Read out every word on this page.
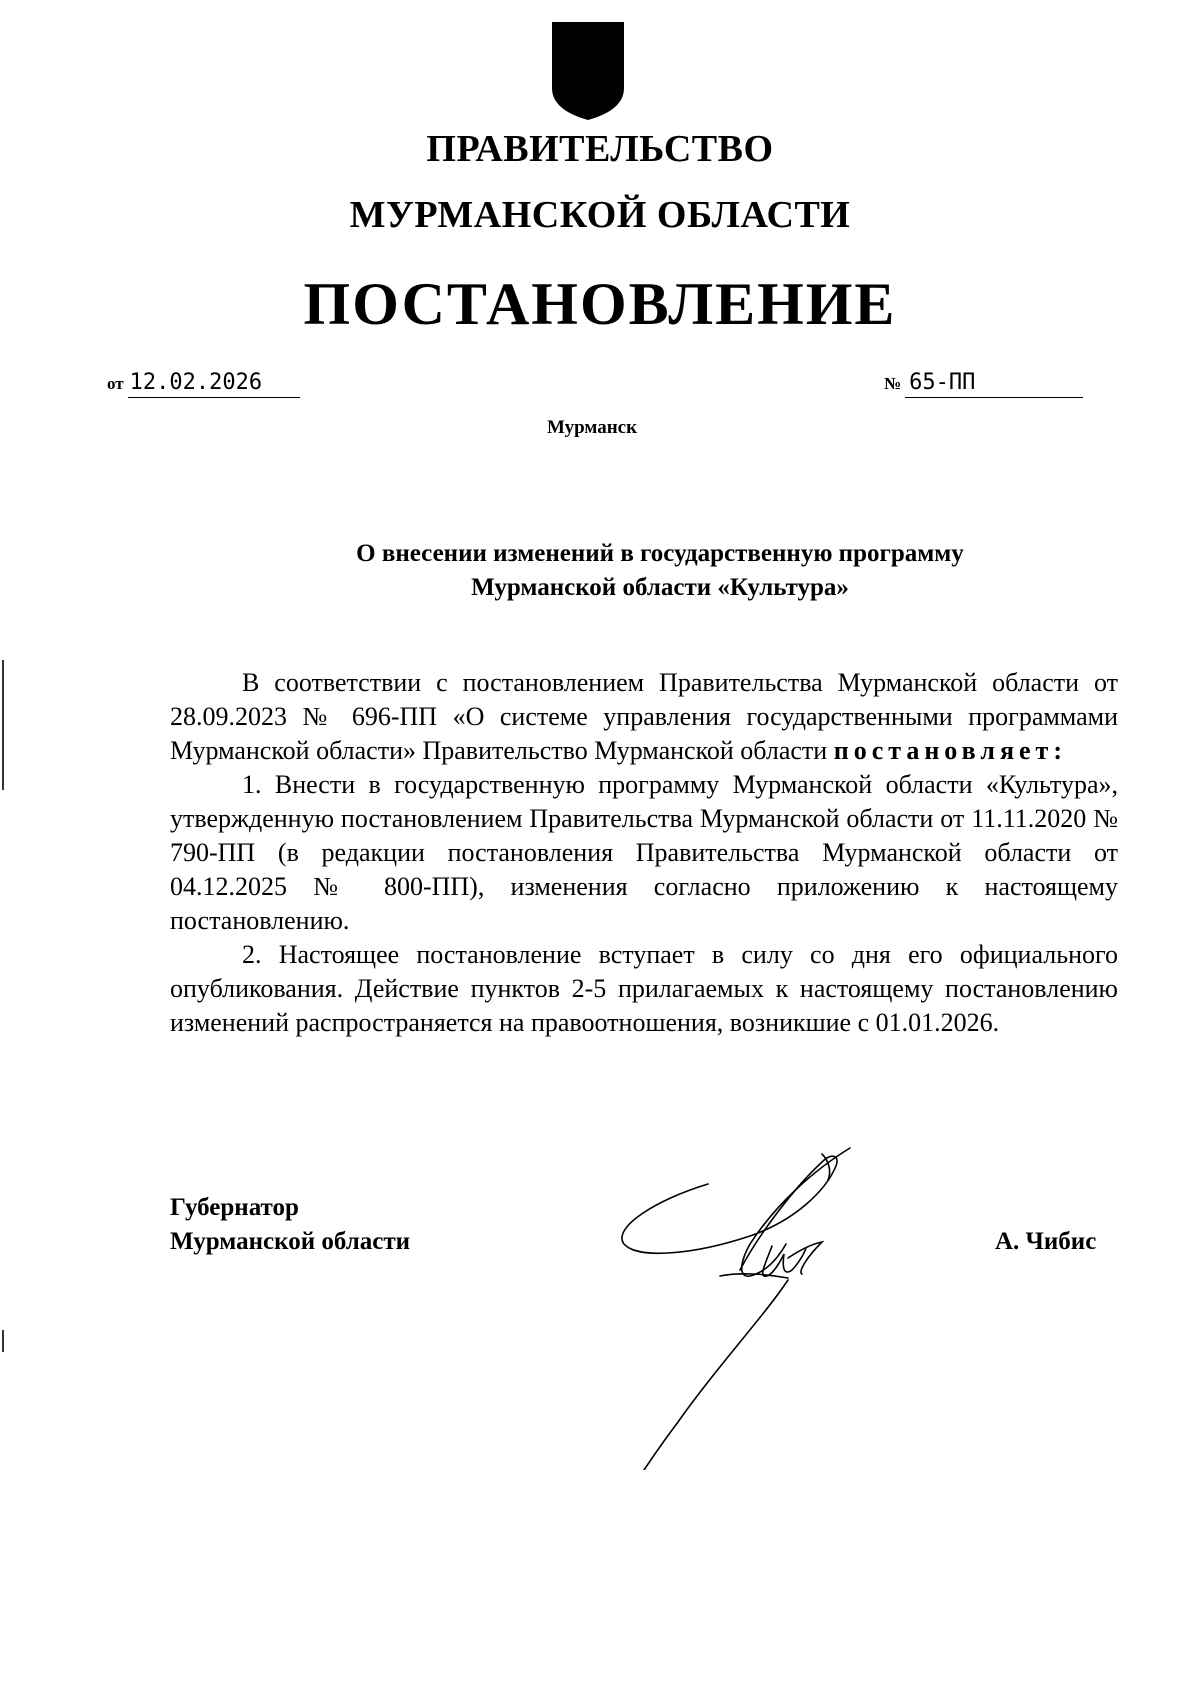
ПРАВИТЕЛЬСТВО
МУРМАНСКОЙ ОБЛАСТИ
ПОСТАНОВЛЕНИЕ
от 12.02.2026	№ 65-ПП
Мурманск
О внесении изменений в государственную программу
Мурманской области «Культура»

В соответствии с постановлением Правительства Мурманской области от 28.09.2023 № 696-ПП «О системе управления государственными программами Мурманской области» Правительство Мурманской области постановляет:

1. Внести в государственную программу Мурманской области «Культура», утвержденную постановлением Правительства Мурманской области от 11.11.2020 № 790-ПП (в редакции постановления Правительства Мурманской области от 04.12.2025 № 800-ПП), изменения согласно приложению к настоящему постановлению.

2. Настоящее постановление вступает в силу со дня его официального опубликования. Действие пунктов 2-5 прилагаемых к настоящему постановлению изменений распространяется на правоотношения, возникшие с 01.01.2026.

Губернатор
Мурманской области	А. Чибис
